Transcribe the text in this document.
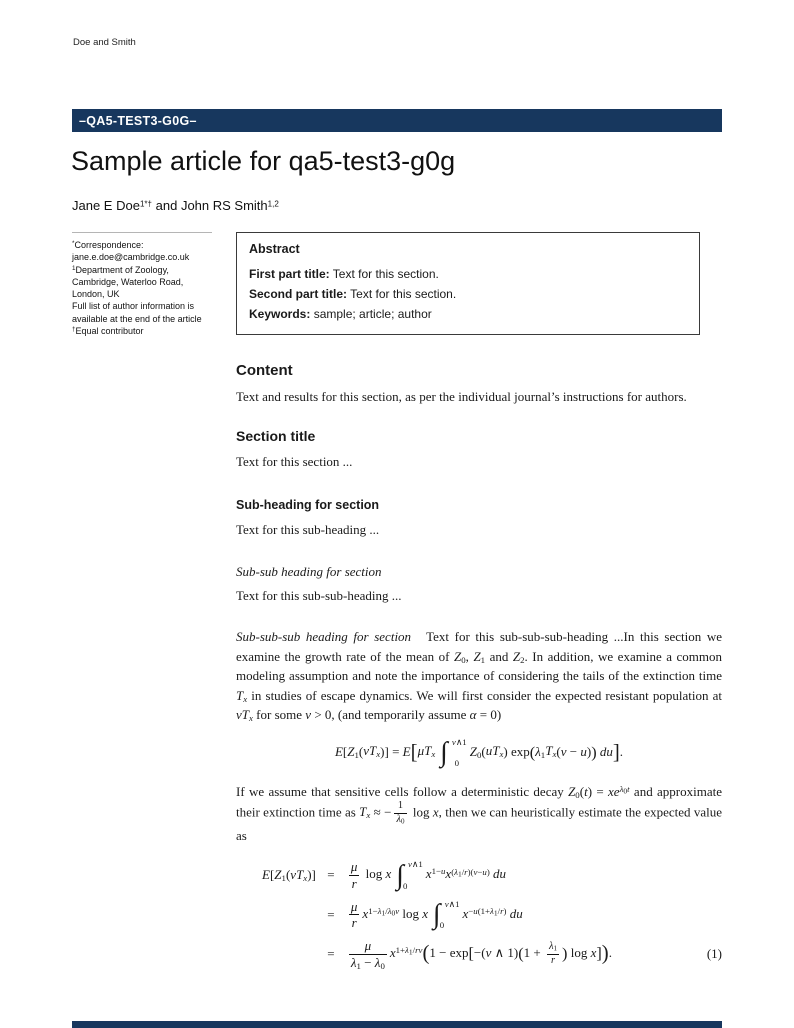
Doe and Smith
–QA5-TEST3-G0G–
Sample article for qa5-test3-g0g
Jane E Doe$^{1*\dagger}$ and John RS Smith$^{1,2}$
*Correspondence:
jane.e.doe@cambridge.co.uk
$^1$Department of Zoology,
Cambridge, Waterloo Road,
London, UK
Full list of author information is
available at the end of the article
†Equal contributor
Abstract

First part title: Text for this section.

Second part title: Text for this section.

Keywords: sample; article; author

Content

Text and results for this section, as per the individual journal’s instructions for authors.

Section title

Text for this section ...

Sub-heading for section

Text for this sub-heading ...

Sub-sub heading for section

Text for this sub-sub-heading ...

Sub-sub-sub heading for section Text for this sub-sub-sub-heading ...In this section we examine the growth rate of the mean of $Z_0$, $Z_1$ and $Z_2$. In addition, we examine a common modeling assumption and note the importance of considering the tails of the extinction time $T_x$ in studies of escape dynamics. We will first consider the expected resistant population at $vT_x$ for some v > 0, (and temporarily assume α = 0)

$E[Z_1(vT_x)] = E[\mu T_x$ ∫ v∧1
0
$Z_0(uT_x) \exp(\lambda_1T_x(v - u))$ du].

If we assume that sensitive cells follow a deterministic decay $Z_0(t) = xe^{\lambda_0t}$ and approximate their extinction time as $T_x$ ≈ − $\frac{1}{\lambda_0}$ log x, then we can heuristically estimate the expected value as

$E[Z_1(vT_x)]$ =	$\frac{\mu}{r}$ log x ∫ v∧1
0
$x^{1-u}x^{(\lambda_1/r)(v-u)}$ du
=	$\frac{\mu}{r} x^{1-\lambda_1/\lambda_0v}$ log x ∫ v∧1
0
$x^{-u(1+\lambda_1/r)}$ du
=	$\frac{\mu}{\lambda_1 - \lambda_0} x^{1+\lambda_1/rv}(1 - \exp[-(v$ ∧ $1)(1 + \frac{\lambda_1}{r}$ ) log x]).	(1)
